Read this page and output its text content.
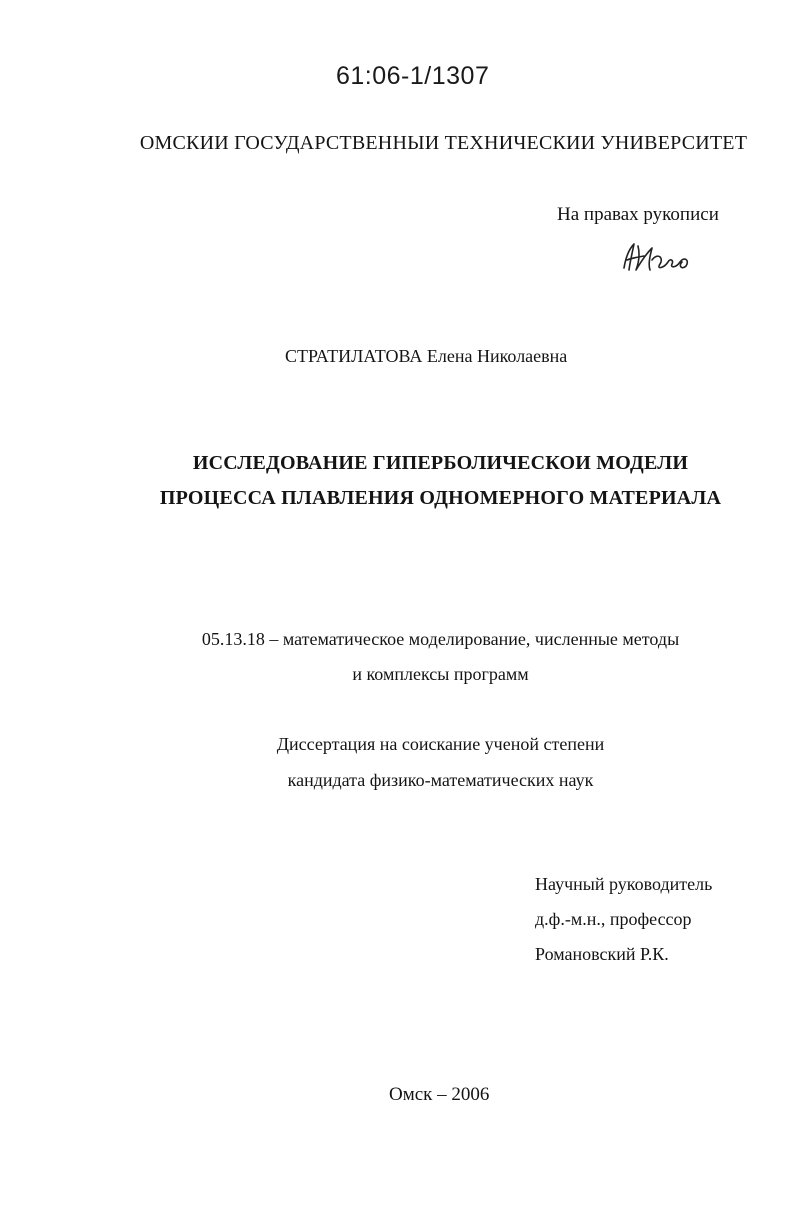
61:06-1/1307
ОМСКИИ ГОСУДАРСТВЕННЫИ ТЕХНИЧЕСКИИ УНИВЕРСИТЕТ
На правах рукописи
СТРАТИЛАТОВА Елена Николаевна
ИССЛЕДОВАНИЕ ГИПЕРБОЛИЧЕСКОИ МОДЕЛИ
ПРОЦЕССА ПЛАВЛЕНИЯ ОДНОМЕРНОГО МАТЕРИАЛА
05.13.18 – математическое моделирование, численные методы
и комплексы программ
Диссертация на соискание ученой степени
кандидата физико-математических наук
Научный руководитель
д.ф.-м.н., профессор
Романовский Р.К.
Омск – 2006
